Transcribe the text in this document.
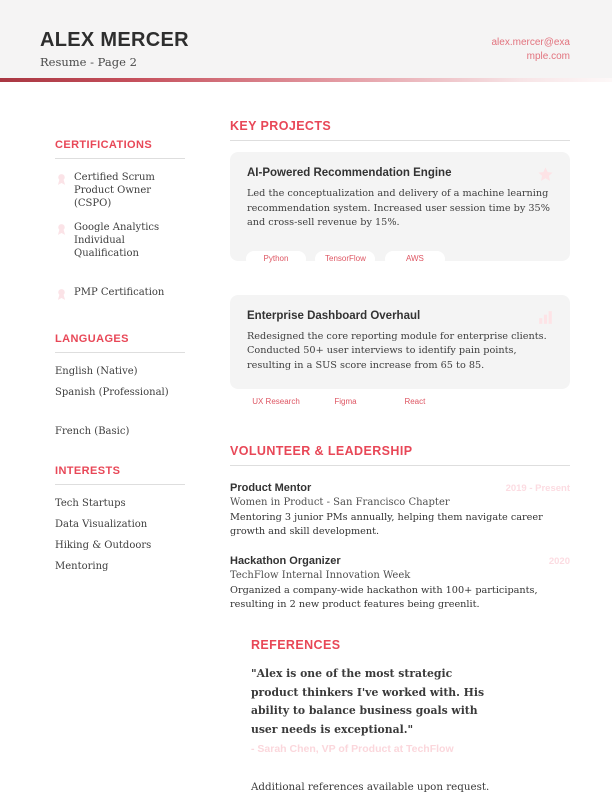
ALEX MERCER
Resume - Page 2
alex.mercer@example.com
CERTIFICATIONS
Certified Scrum Product Owner (CSPO)
Google Analytics Individual Qualification
PMP Certification
LANGUAGES
English (Native)
Spanish (Professional)
French (Basic)
INTERESTS
Tech Startups
Data Visualization
Hiking & Outdoors
Mentoring
KEY PROJECTS
AI-Powered Recommendation Engine
Led the conceptualization and delivery of a machine learning recommendation system. Increased user session time by 35% and cross-sell revenue by 15%.
Python	TensorFlow	AWS
Enterprise Dashboard Overhaul
Redesigned the core reporting module for enterprise clients. Conducted 50+ user interviews to identify pain points, resulting in a SUS score increase from 65 to 85.
UX Research	Figma	React
VOLUNTEER & LEADERSHIP
Product Mentor	2019 - Present
Women in Product - San Francisco Chapter
Mentoring 3 junior PMs annually, helping them navigate career growth and skill development.
Hackathon Organizer	2020
TechFlow Internal Innovation Week
Organized a company-wide hackathon with 100+ participants, resulting in 2 new product features being greenlit.
REFERENCES
"Alex is one of the most strategic product thinkers I've worked with. His ability to balance business goals with user needs is exceptional."
- Sarah Chen, VP of Product at TechFlow
Additional references available upon request.
